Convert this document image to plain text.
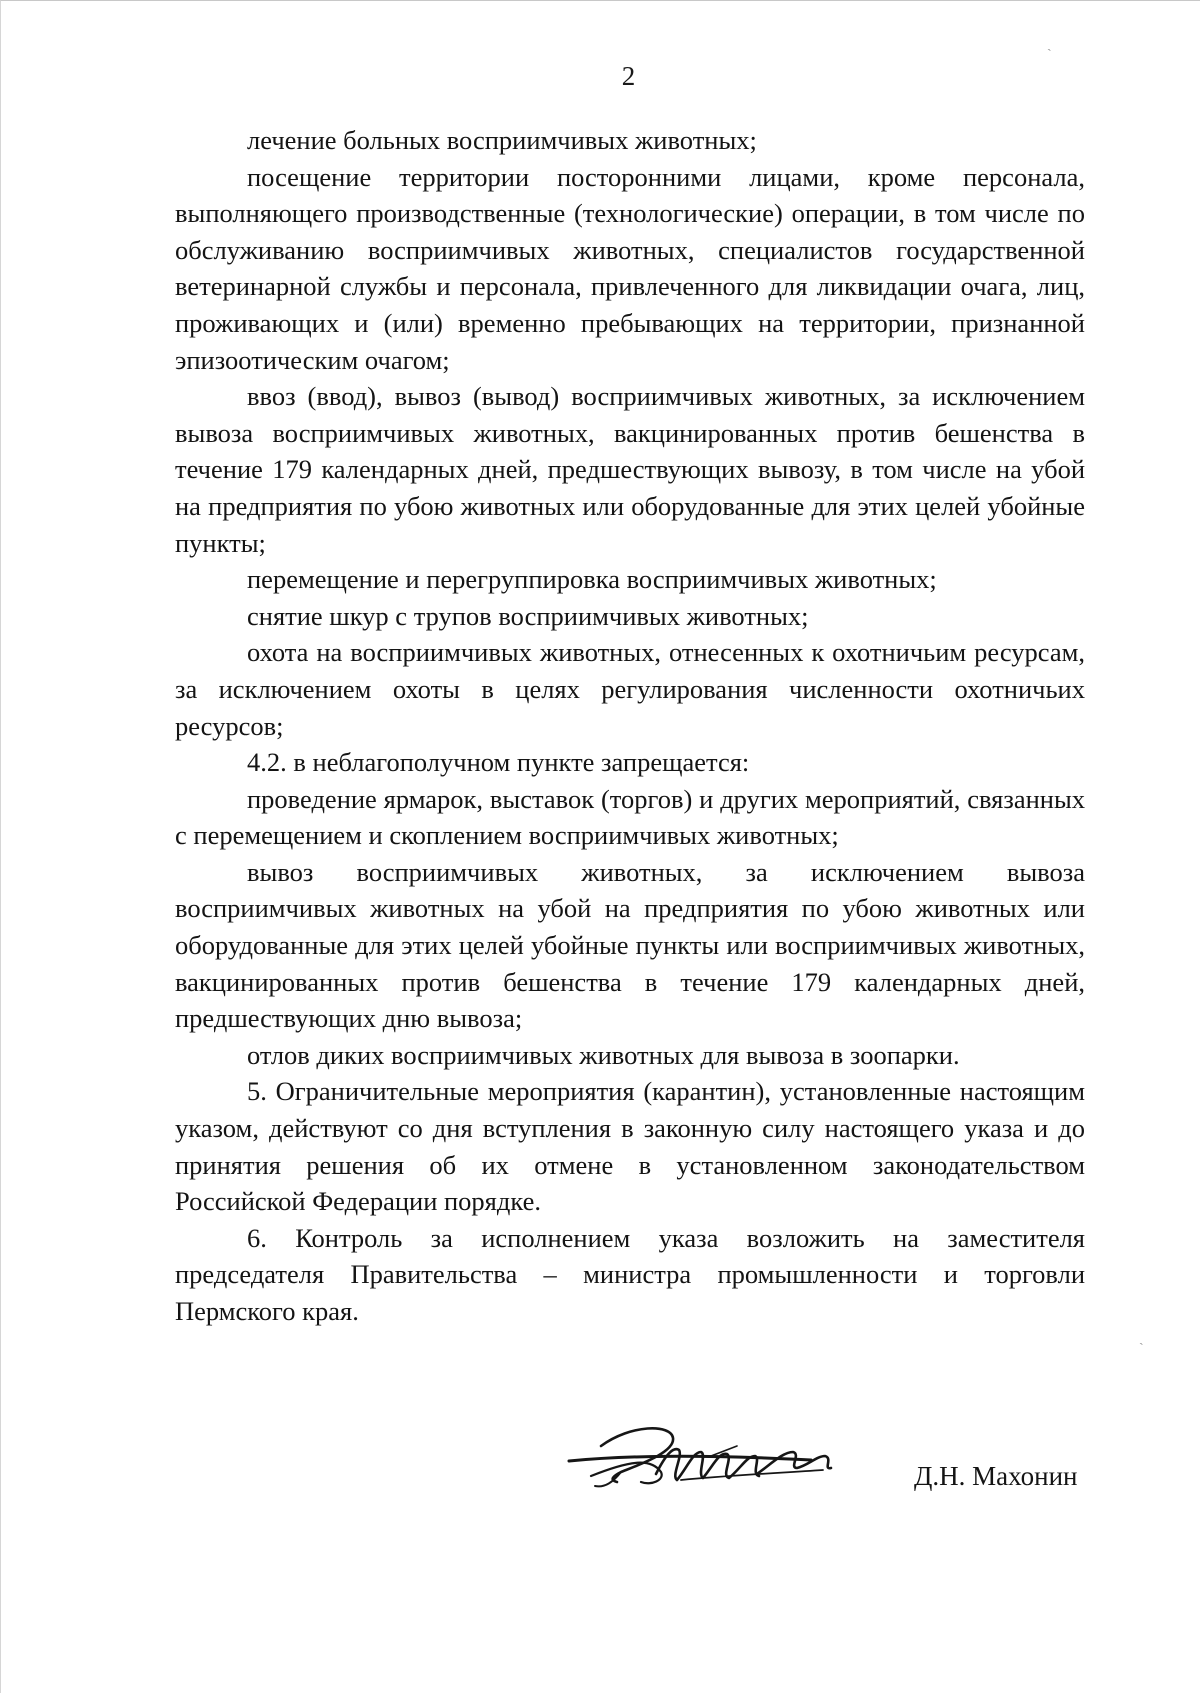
2

лечение больных восприимчивых животных;

посещение территории посторонними лицами, кроме персонала, выполняющего производственные (технологические) операции, в том числе по обслуживанию восприимчивых животных, специалистов государственной ветеринарной службы и персонала, привлеченного для ликвидации очага, лиц, проживающих и (или) временно пребывающих на территории, признанной эпизоотическим очагом;

ввоз (ввод), вывоз (вывод) восприимчивых животных, за исключением вывоза восприимчивых животных, вакцинированных против бешенства в течение 179 календарных дней, предшествующих вывозу, в том числе на убой на предприятия по убою животных или оборудованные для этих целей убойные пункты;

перемещение и перегруппировка восприимчивых животных;

снятие шкур с трупов восприимчивых животных;

охота на восприимчивых животных, отнесенных к охотничьим ресурсам, за исключением охоты в целях регулирования численности охотничьих ресурсов;

4.2. в неблагополучном пункте запрещается:

проведение ярмарок, выставок (торгов) и других мероприятий, связанных с перемещением и скоплением восприимчивых животных;

вывоз восприимчивых животных, за исключением вывоза восприимчивых животных на убой на предприятия по убою животных или оборудованные для этих целей убойные пункты или восприимчивых животных, вакцинированных против бешенства в течение 179 календарных дней, предшествующих дню вывоза;

отлов диких восприимчивых животных для вывоза в зоопарки.

5. Ограничительные мероприятия (карантин), установленные настоящим указом, действуют со дня вступления в законную силу настоящего указа и до принятия решения об их отмене в установленном законодательством Российской Федерации порядке.

6. Контроль за исполнением указа возложить на заместителя председателя Правительства – министра промышленности и торговли Пермского края.

Д.Н. Махонин
ˏ
ˎ
